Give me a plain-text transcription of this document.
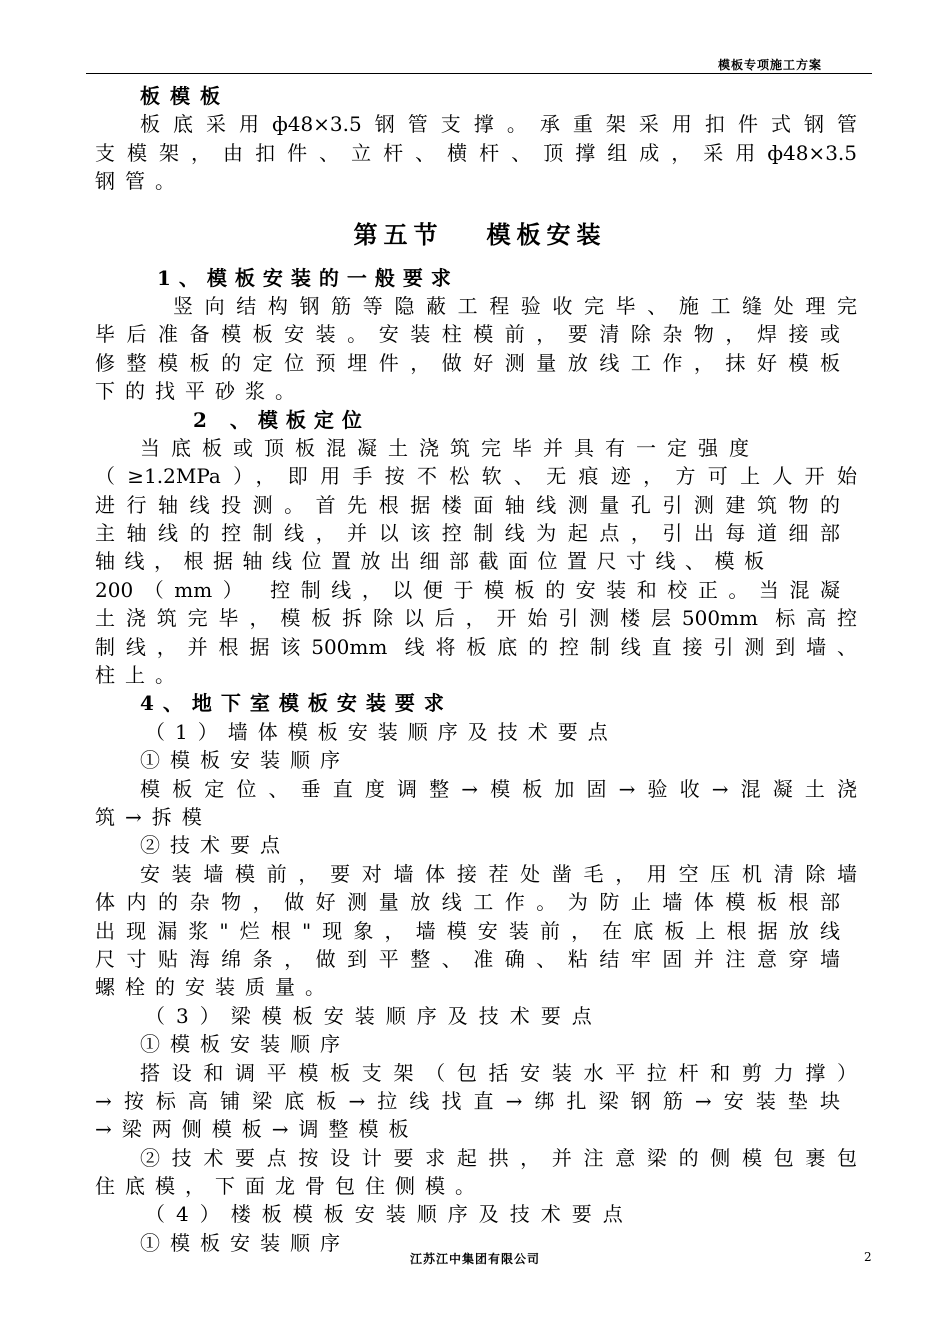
模板专项施工方案
板模板
板底采用ф48×3.5钢管支撑。承重架采用扣件式钢管
支模架，由扣件、立杆、横杆、顶撑组成，采用ф48×3.5
钢管。
第五节   模板安装
1、模板安装的一般要求
竖向结构钢筋等隐蔽工程验收完毕、施工缝处理完
毕后准备模板安装。安装柱模前，要清除杂物，焊接或
修整模板的定位预埋件，做好测量放线工作，抹好模板
下的找平砂浆。
2 、模板定位
当底板或顶板混凝土浇筑完毕并具有一定强度
（≥1.2MPa），即用手按不松软、无痕迹，方可上人开始
进行轴线投测。首先根据楼面轴线测量孔引测建筑物的
主轴线的控制线，并以该控制线为起点，引出每道细部
轴线，根据轴线位置放出细部截面位置尺寸线、模板
200（mm） 控制线，以便于模板的安装和校正。当混凝
土浇筑完毕，模板拆除以后，开始引测楼层500mm 标高控
制线，并根据该500mm 线将板底的控制线直接引测到墙、
柱上。
4、地下室模板安装要求
（1）墙体模板安装顺序及技术要点
①模板安装顺序
模板定位、垂直度调整→模板加固→验收→混凝土浇
筑→拆模
②技术要点
安装墙模前，要对墙体接茬处凿毛，用空压机清除墙
体内的杂物，做好测量放线工作。为防止墙体模板根部
出现漏浆"烂根"现象，墙模安装前，在底板上根据放线
尺寸贴海绵条，做到平整、准确、粘结牢固并注意穿墙
螺栓的安装质量。
（3）梁模板安装顺序及技术要点
①模板安装顺序
搭设和调平模板支架（包括安装水平拉杆和剪力撑）
→按标高铺梁底板→拉线找直→绑扎梁钢筋→安装垫块
→梁两侧模板→调整模板
②技术要点按设计要求起拱，并注意梁的侧模包裹包
住底模，下面龙骨包住侧模。
（4）楼板模板安装顺序及技术要点
①模板安装顺序
江苏江中集团有限公司	2
